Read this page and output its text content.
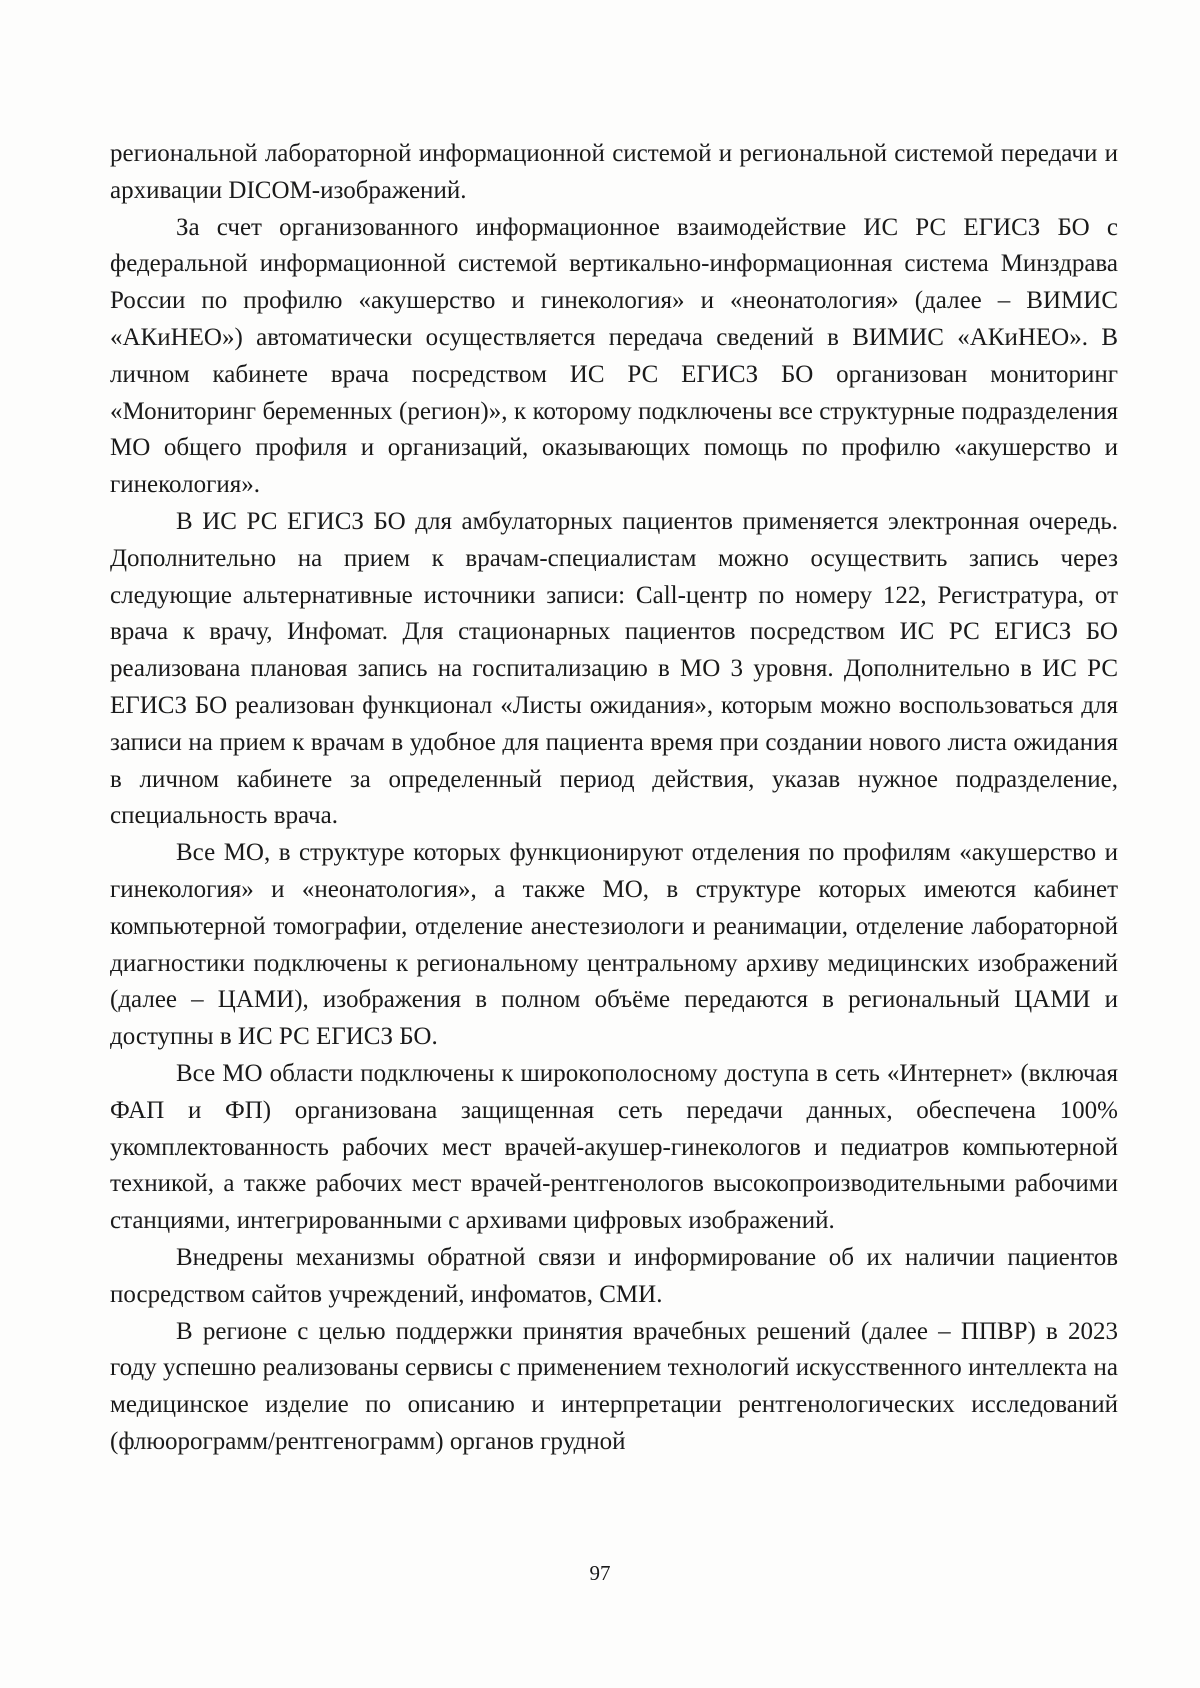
региональной лабораторной информационной системой и региональной системой передачи и архивации DICOM-изображений.

За счет организованного информационное взаимодействие ИС РС ЕГИСЗ БО с федеральной информационной системой вертикально-информационная система Минздрава России по профилю «акушерство и гинекология» и «неонатология» (далее – ВИМИС «АКиНЕО») автоматически осуществляется передача сведений в ВИМИС «АКиНЕО». В личном кабинете врача посредством ИС РС ЕГИСЗ БО организован мониторинг «Мониторинг беременных (регион)», к которому подключены все структурные подразделения МО общего профиля и организаций, оказывающих помощь по профилю «акушерство и гинекология».

В ИС РС ЕГИСЗ БО для амбулаторных пациентов применяется электронная очередь. Дополнительно на прием к врачам-специалистам можно осуществить запись через следующие альтернативные источники записи: Call-центр по номеру 122, Регистратура, от врача к врачу, Инфомат. Для стационарных пациентов посредством ИС РС ЕГИСЗ БО реализована плановая запись на госпитализацию в МО 3 уровня. Дополнительно в ИС РС ЕГИСЗ БО реализован функционал «Листы ожидания», которым можно воспользоваться для записи на прием к врачам в удобное для пациента время при создании нового листа ожидания в личном кабинете за определенный период действия, указав нужное подразделение, специальность врача.

Все МО, в структуре которых функционируют отделения по профилям «акушерство и гинекология» и «неонатология», а также МО, в структуре которых имеются кабинет компьютерной томографии, отделение анестезиологи и реанимации, отделение лабораторной диагностики подключены к региональному центральному архиву медицинских изображений (далее – ЦАМИ), изображения в полном объёме передаются в региональный ЦАМИ и доступны в ИС РС ЕГИСЗ БО.

Все МО области подключены к широкополосному доступа в сеть «Интернет» (включая ФАП и ФП) организована защищенная сеть передачи данных, обеспечена 100% укомплектованность рабочих мест врачей-акушер-гинекологов и педиатров компьютерной техникой, а также рабочих мест врачей-рентгенологов высокопроизводительными рабочими станциями, интегрированными с архивами цифровых изображений.

Внедрены механизмы обратной связи и информирование об их наличии пациентов посредством сайтов учреждений, инфоматов, СМИ.

В регионе с целью поддержки принятия врачебных решений (далее – ППВР) в 2023 году успешно реализованы сервисы с применением технологий искусственного интеллекта на медицинское изделие по описанию и интерпретации рентгенологических исследований (флюорограмм/рентгенограмм) органов грудной

97
